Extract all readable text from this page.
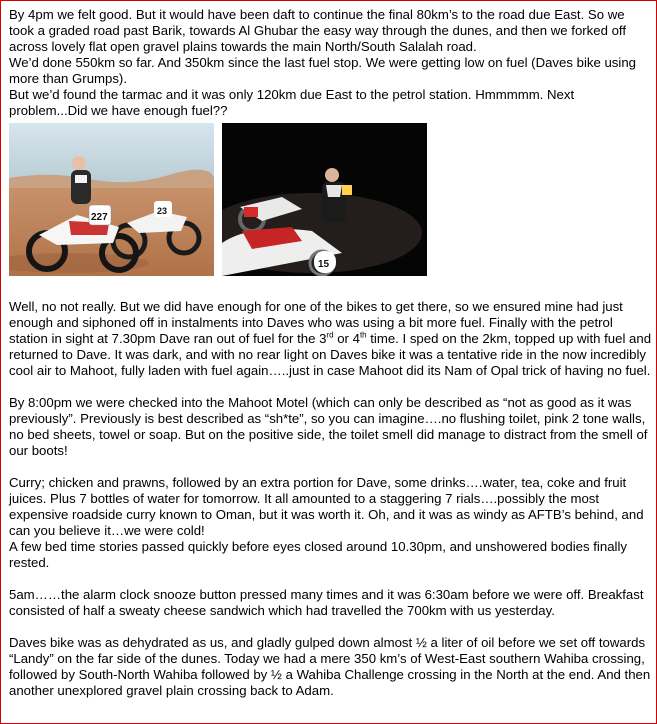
By 4pm we felt good. But it would have been daft to continue the final 80km’s to the road due East. So we took a graded road past Barik, towards Al Ghubar the easy way through the dunes, and then we forked off across lovely flat open gravel plains towards the main North/South Salalah road.

We’d done 550km so far. And 350km since the last fuel stop. We were getting low on fuel (Daves bike using more than Grumps).

But we’d found the tarmac and it was only 120km due East to the petrol station. Hmmmmm. Next problem...Did we have enough fuel??

23
227
15

Well, no not really. But we did have enough for one of the bikes to get there, so we ensured mine had just enough and siphoned off in instalments into Daves who was using a bit more fuel. Finally with the petrol station in sight at 7.30pm Dave ran out of fuel for the 3rd or 4th time. I sped on the 2km, topped up with fuel and returned to Dave. It was dark, and with no rear light on Daves bike it was a tentative ride in the now incredibly cool air to Mahoot, fully laden with fuel again…..just in case Mahoot did its Nam of Opal trick of having no fuel.

By 8:00pm we were checked into the Mahoot Motel (which can only be described as “not as good as it was previously”. Previously is best described as “sh*te”, so you can imagine….no flushing toilet, pink 2 tone walls, no bed sheets, towel or soap. But on the positive side, the toilet smell did manage to distract from the smell of our boots!

Curry; chicken and prawns, followed by an extra portion for Dave, some drinks….water, tea, coke and fruit juices. Plus 7 bottles of water for tomorrow. It all amounted to a staggering 7 rials….possibly the most expensive roadside curry known to Oman, but it was worth it. Oh, and it was as windy as AFTB’s behind, and can you believe it…we were cold!

A few bed time stories passed quickly before eyes closed around 10.30pm, and unshowered bodies finally rested.

5am……the alarm clock snooze button pressed many times and it was 6:30am before we were off. Breakfast consisted of half a sweaty cheese sandwich which had travelled the 700km with us yesterday.

Daves bike was as dehydrated as us, and gladly gulped down almost ½ a liter of oil before we set off towards “Landy” on the far side of the dunes. Today we had a mere 350 km’s of West-East southern Wahiba crossing, followed by South-North Wahiba followed by ½ a Wahiba Challenge crossing in the North at the end. And then another unexplored gravel plain crossing back to Adam.
